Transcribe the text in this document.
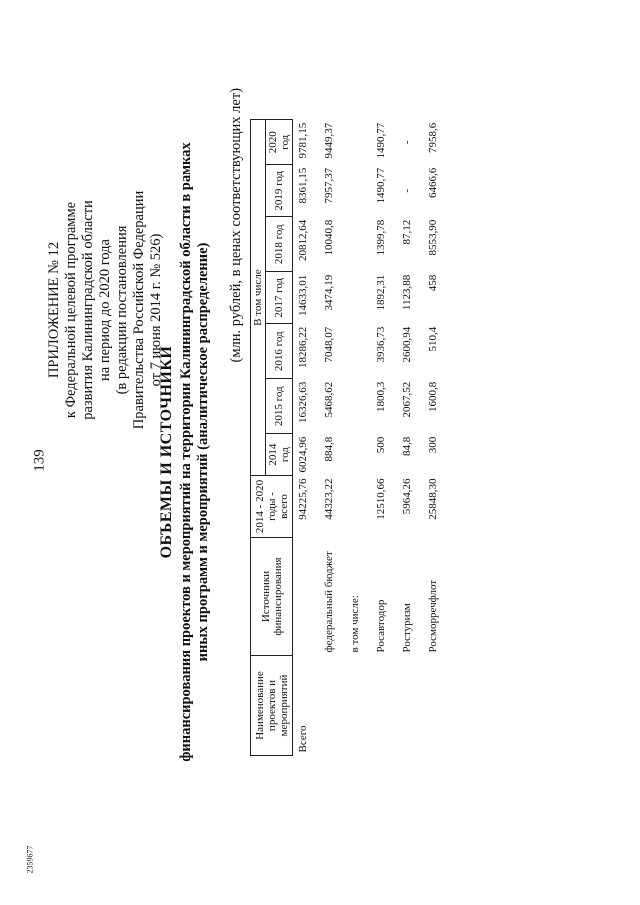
139
2359677
ПРИЛОЖЕНИЕ № 12 к Федеральной целевой программе развития Калининградской области на период до 2020 года (в редакции постановления Правительства Российской Федерации от 7 июня 2014 г. № 526)
ОБЪЕМЫ И ИСТОЧНИКИ финансирования проектов и мероприятий на территории Калининградской области в рамках иных программ и мероприятий (аналитическое распределение)
(млн. рублей, в ценах соответствующих лет)
Наименование проектов и мероприятий	Источники финансирования	2014 - 2020 годы - всего	В том числе						
			2014 год	2015 год	2016 год	2017 год	2018 год	2019 год	2020 год
Всего		94225,76	6024,96	16326,63	18286,22	14633,01	20812,64	8361,15	9781,15
	федеральный бюджет	44323,22	884,8	5468,62	7048,07	3474,19	10040,8	7957,37	9449,37
	в том числе:								
	Росавтодор	12510,66	500	1800,3	3936,73	1892,31	1399,78	1490,77	1490,77
	Ростуризм	5964,26	84,8	2067,52	2600,94	1123,88	87,12	-	-
	Росморречфлот	25848,30	300	1600,8	510,4	458	8553,90	6466,6	7958,6
